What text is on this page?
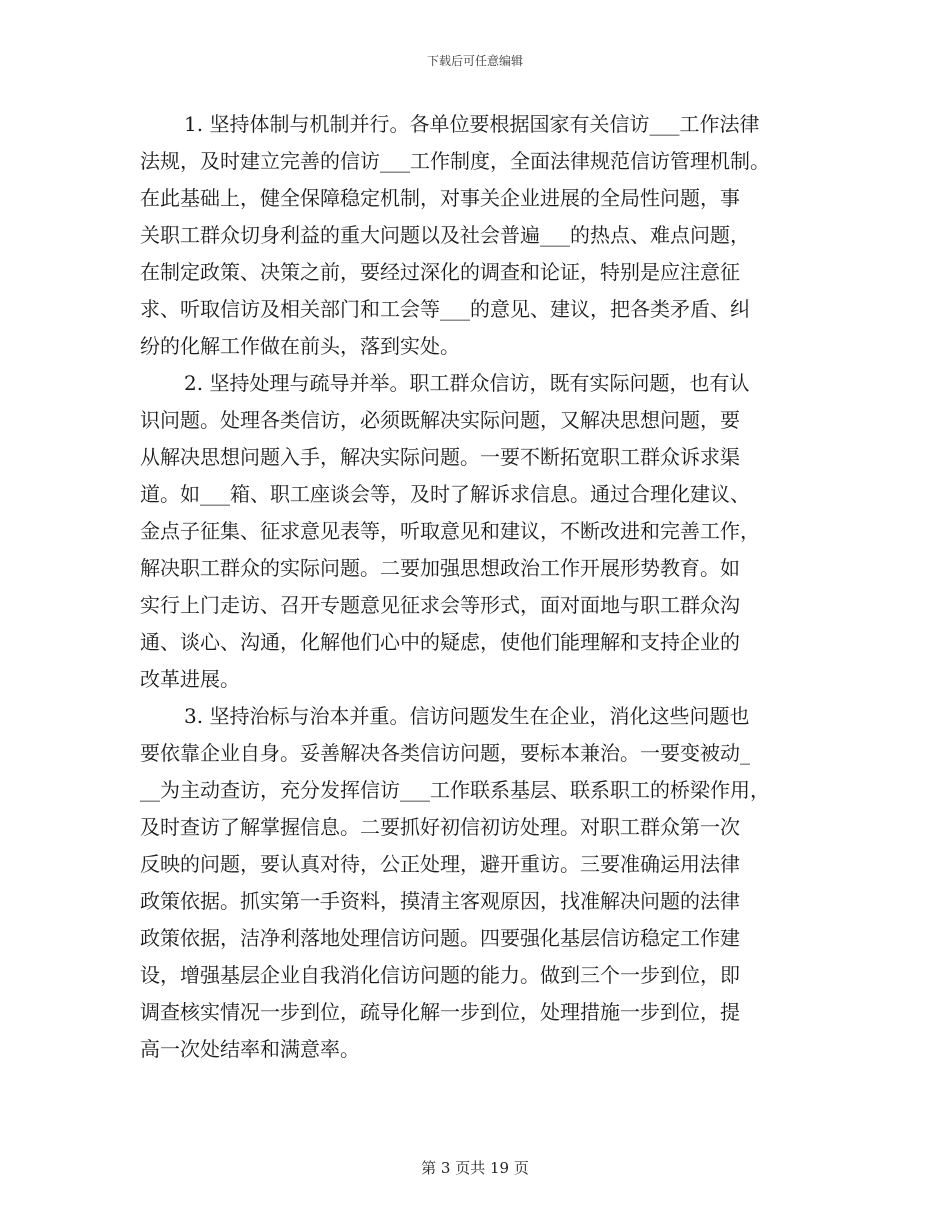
下载后可任意编辑
1. 坚持体制与机制并行。各单位要根据国家有关信访___工作法律
法规，及时建立完善的信访___工作制度，全面法律规范信访管理机制。
在此基础上，健全保障稳定机制，对事关企业进展的全局性问题，事
关职工群众切身利益的重大问题以及社会普遍___的热点、难点问题，
在制定政策、决策之前，要经过深化的调查和论证，特别是应注意征
求、听取信访及相关部门和工会等___的意见、建议，把各类矛盾、纠
纷的化解工作做在前头，落到实处。
2. 坚持处理与疏导并举。职工群众信访，既有实际问题，也有认
识问题。处理各类信访，必须既解决实际问题，又解决思想问题，要
从解决思想问题入手，解决实际问题。一要不断拓宽职工群众诉求渠
道。如___箱、职工座谈会等，及时了解诉求信息。通过合理化建议、
金点子征集、征求意见表等，听取意见和建议，不断改进和完善工作，
解决职工群众的实际问题。二要加强思想政治工作开展形势教育。如
实行上门走访、召开专题意见征求会等形式，面对面地与职工群众沟
通、谈心、沟通，化解他们心中的疑虑，使他们能理解和支持企业的
改革进展。
3. 坚持治标与治本并重。信访问题发生在企业，消化这些问题也
要依靠企业自身。妥善解决各类信访问题，要标本兼治。一要变被动_
__为主动查访，充分发挥信访___工作联系基层、联系职工的桥梁作用，
及时查访了解掌握信息。二要抓好初信初访处理。对职工群众第一次
反映的问题，要认真对待，公正处理，避开重访。三要准确运用法律
政策依据。抓实第一手资料，摸清主客观原因，找准解决问题的法律
政策依据，洁净利落地处理信访问题。四要强化基层信访稳定工作建
设，增强基层企业自我消化信访问题的能力。做到三个一步到位，即
调查核实情况一步到位，疏导化解一步到位，处理措施一步到位，提
高一次处结率和满意率。
第 3 页共 19 页
